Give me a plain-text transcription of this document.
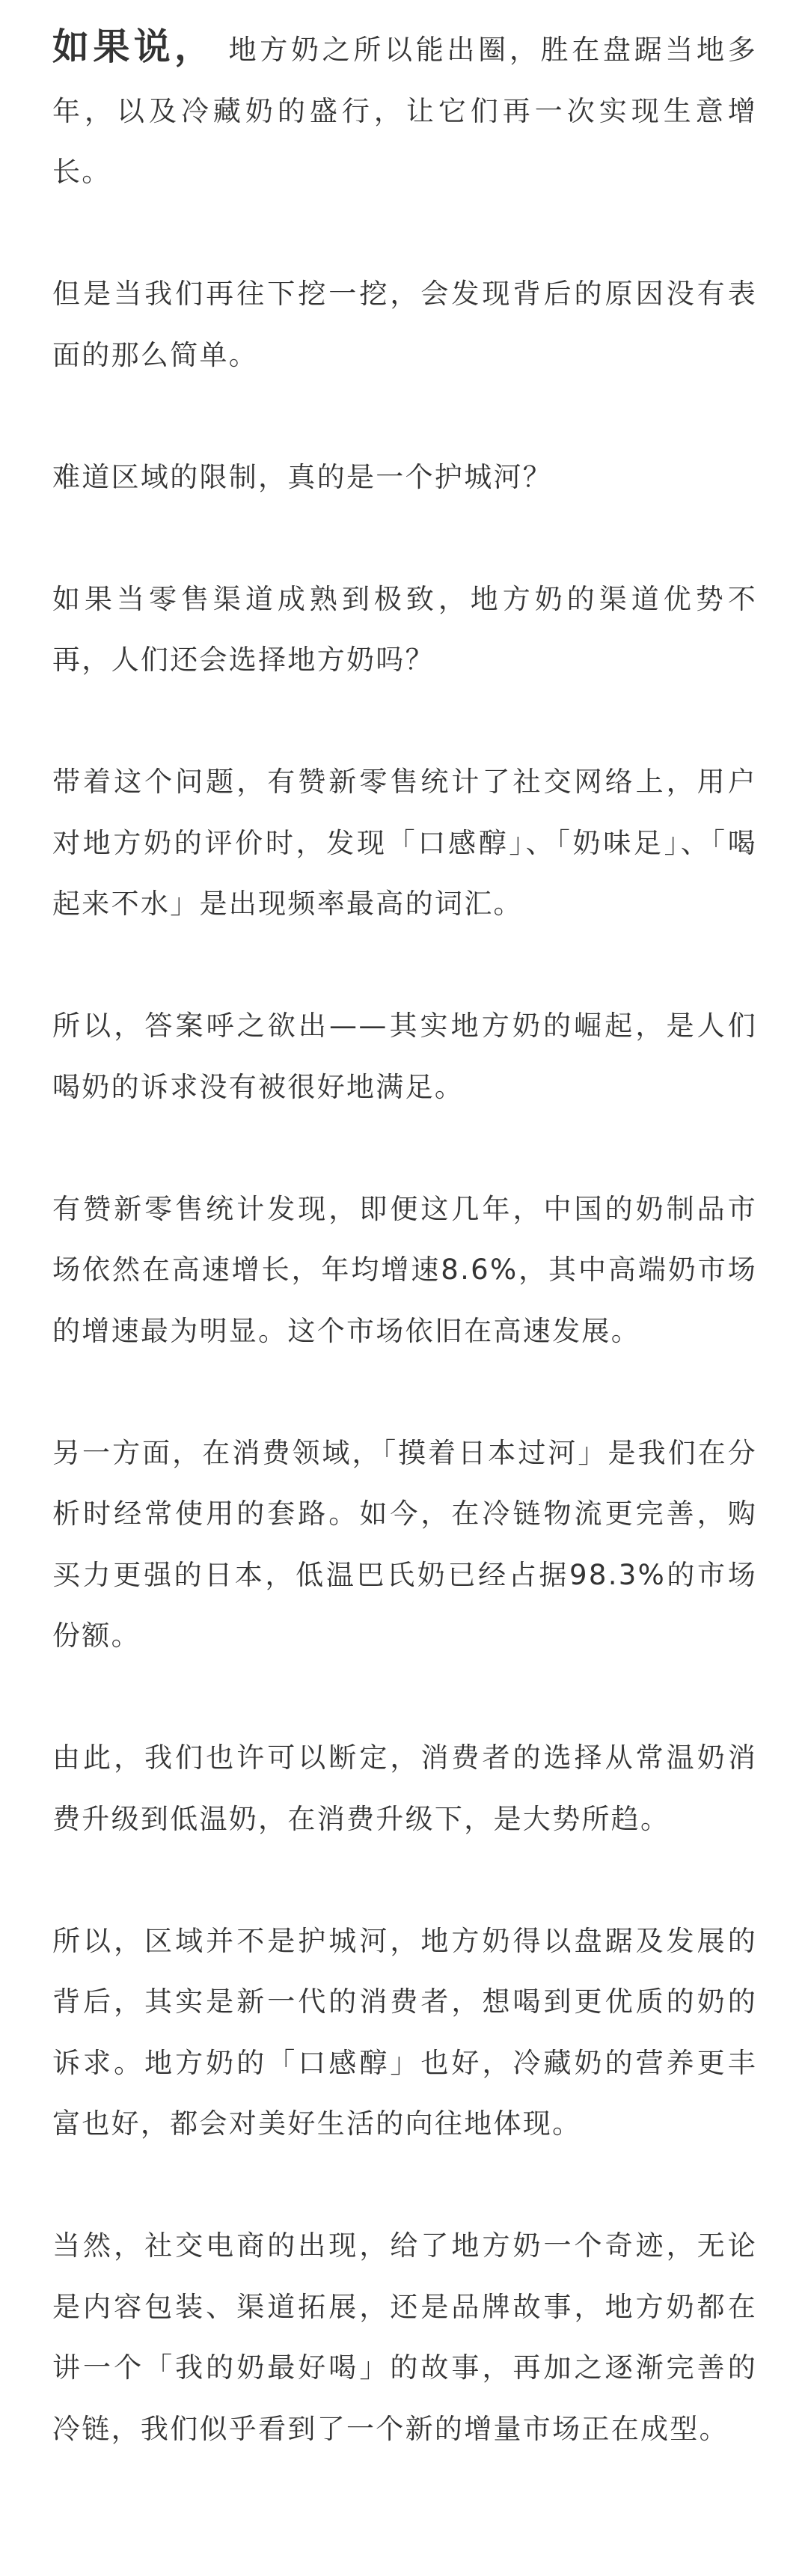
如果说， 地方奶之所以能出圈，胜在盘踞当地多年，以及冷藏奶的盛行，让它们再一次实现生意增长。

但是当我们再往下挖一挖，会发现背后的原因没有表面的那么简单。

难道区域的限制，真的是一个护城河？

如果当零售渠道成熟到极致，地方奶的渠道优势不再，人们还会选择地方奶吗？

带着这个问题，有赞新零售统计了社交网络上，用户对地方奶的评价时，发现「口感醇」、「奶味足」、「喝起来不水」是出现频率最高的词汇。

所以，答案呼之欲出——其实地方奶的崛起，是人们喝奶的诉求没有被很好地满足。

有赞新零售统计发现，即便这几年，中国的奶制品市场依然在高速增长，年均增速8.6%，其中高端奶市场的增速最为明显。这个市场依旧在高速发展。

另一方面，在消费领域，「摸着日本过河」是我们在分析时经常使用的套路。如今，在冷链物流更完善，购买力更强的日本，低温巴氏奶已经占据98.3%的市场份额。

由此，我们也许可以断定，消费者的选择从常温奶消费升级到低温奶，在消费升级下，是大势所趋。

所以，区域并不是护城河，地方奶得以盘踞及发展的背后，其实是新一代的消费者，想喝到更优质的奶的诉求。地方奶的「口感醇」也好，冷藏奶的营养更丰富也好，都会对美好生活的向往地体现。

当然，社交电商的出现，给了地方奶一个奇迹，无论是内容包装、渠道拓展，还是品牌故事，地方奶都在讲一个「我的奶最好喝」的故事，再加之逐渐完善的冷链，我们似乎看到了一个新的增量市场正在成型。
